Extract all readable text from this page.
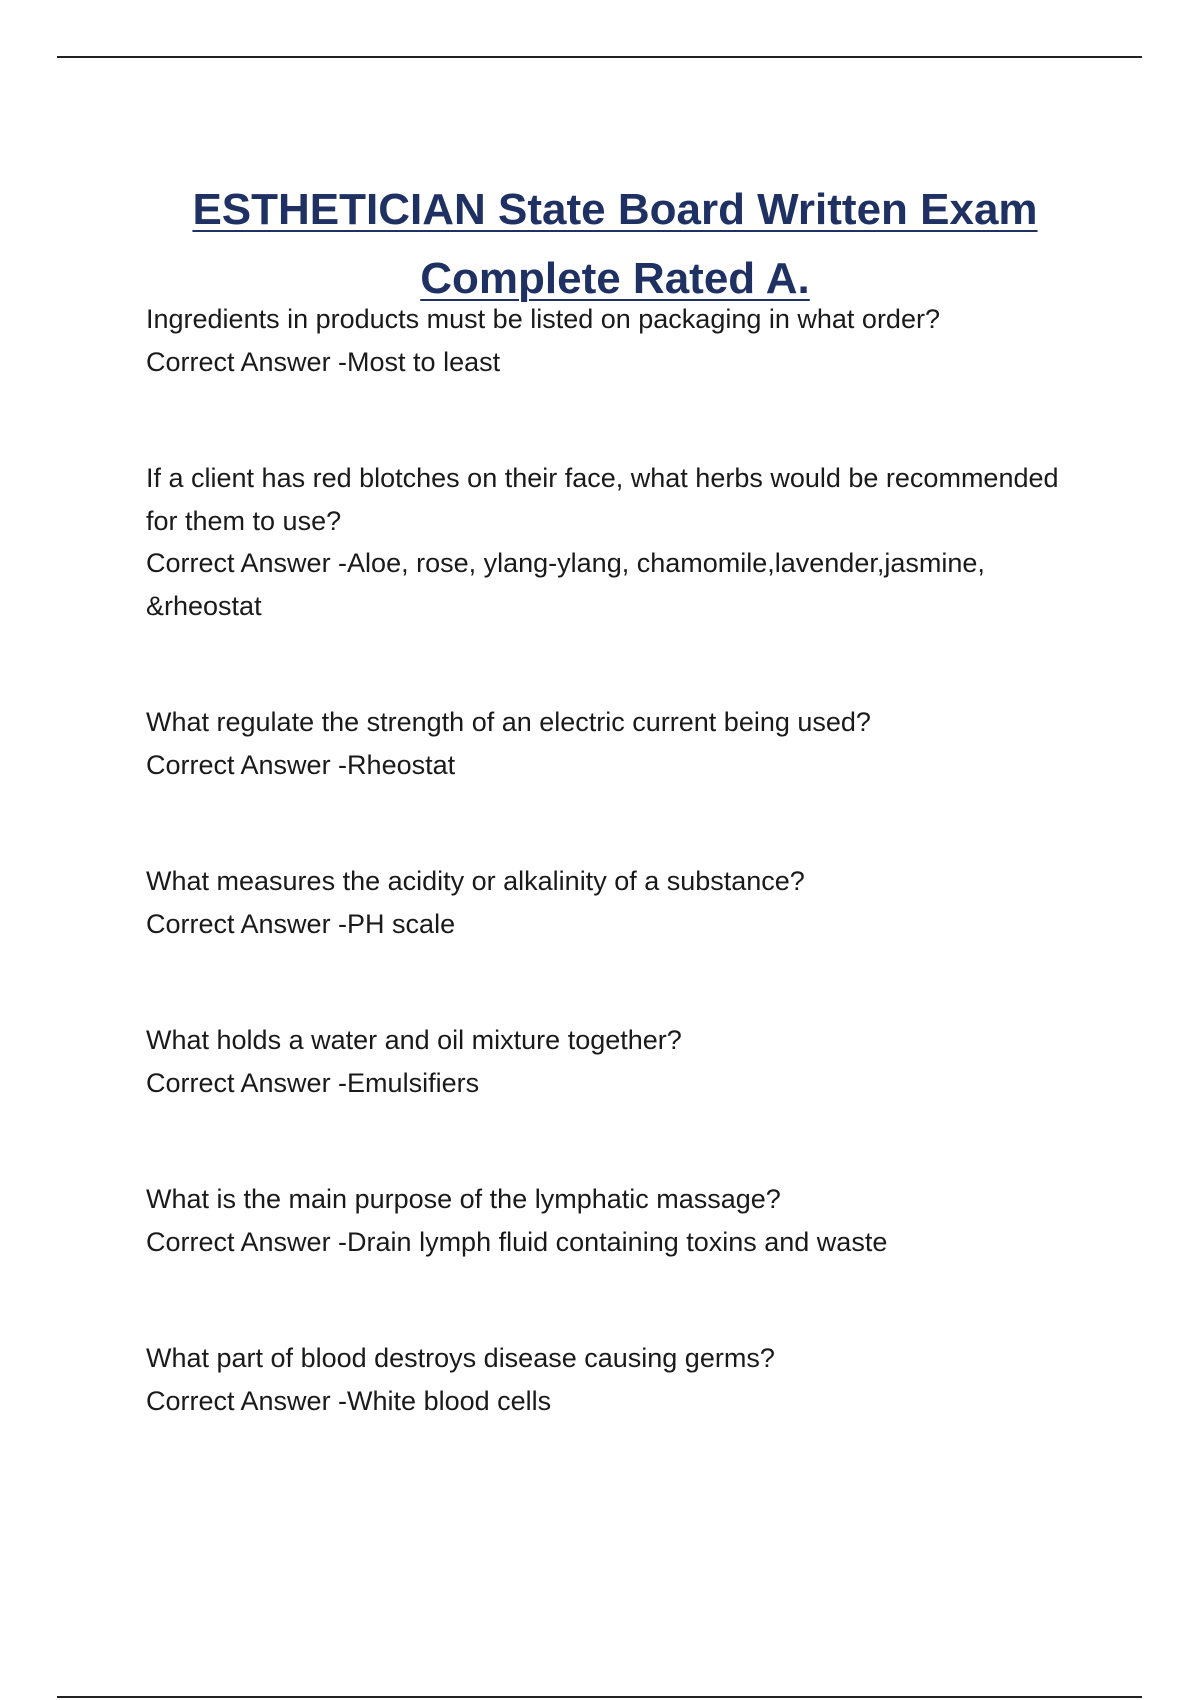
ESTHETICIAN State Board Written Exam
Complete Rated A.

Ingredients in products must be listed on packaging in what order?

Correct Answer -Most to least

If a client has red blotches on their face, what herbs would be recommended for them to use?

Correct Answer -Aloe, rose, ylang-ylang, chamomile,lavender,jasmine, &rheostat

What regulate the strength of an electric current being used?

Correct Answer -Rheostat

What measures the acidity or alkalinity of a substance?

Correct Answer -PH scale

What holds a water and oil mixture together?

Correct Answer -Emulsifiers

What is the main purpose of the lymphatic massage?

Correct Answer -Drain lymph fluid containing toxins and waste

What part of blood destroys disease causing germs?

Correct Answer -White blood cells
